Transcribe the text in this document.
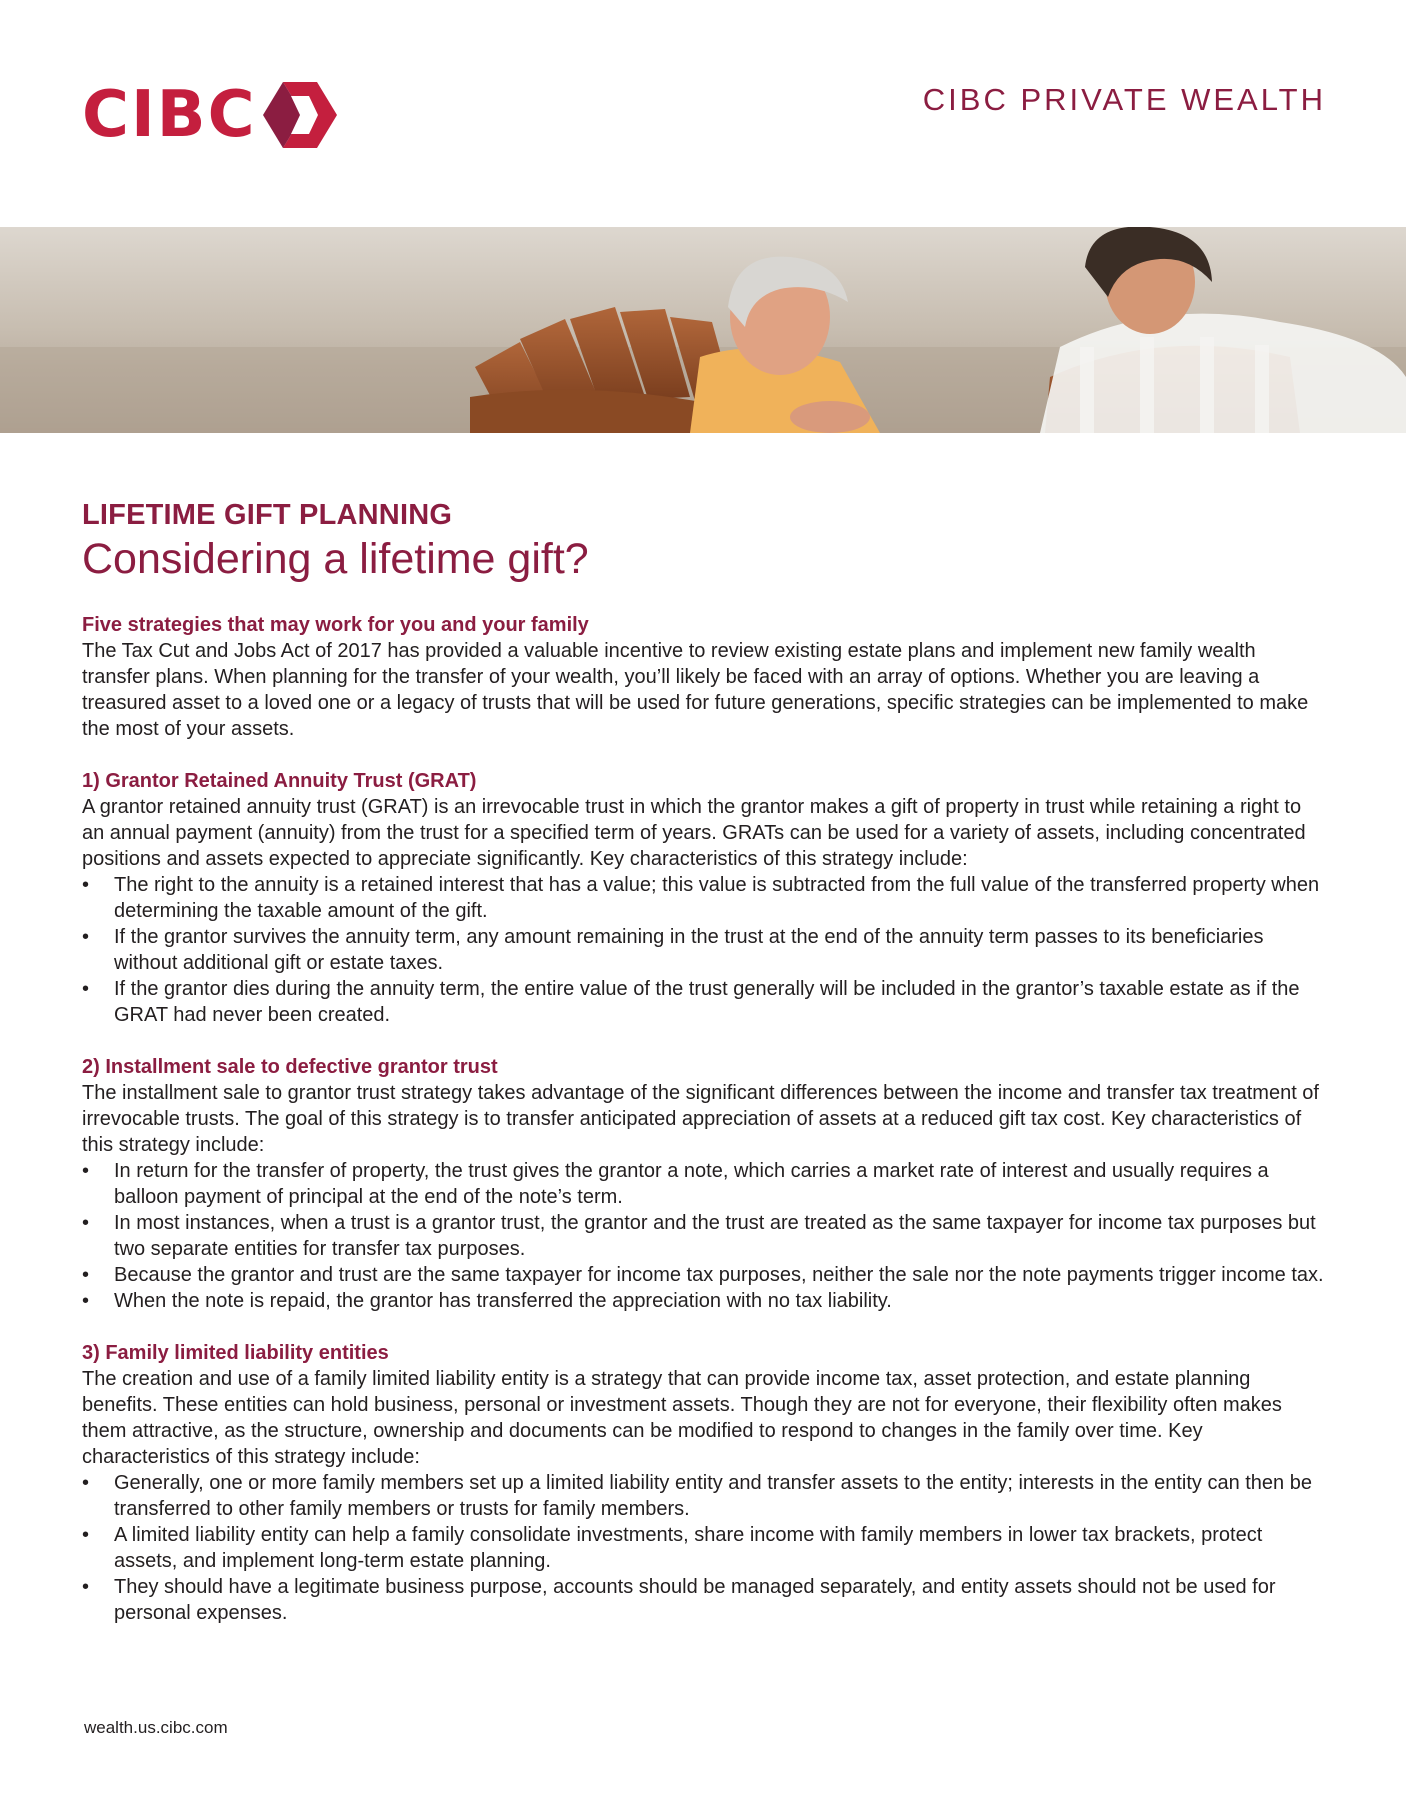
CIBC	CIBC PRIVATE WEALTH
LIFETIME GIFT PLANNING
Considering a lifetime gift?
Five strategies that may work for you and your family

The Tax Cut and Jobs Act of 2017 has provided a valuable incentive to review existing estate plans and implement new family wealth transfer plans. When planning for the transfer of your wealth, you’ll likely be faced with an array of options. Whether you are leaving a treasured asset to a loved one or a legacy of trusts that will be used for future generations, specific strategies can be implemented to make the most of your assets.

1) Grantor Retained Annuity Trust (GRAT)

A grantor retained annuity trust (GRAT) is an irrevocable trust in which the grantor makes a gift of property in trust while retaining a right to an annual payment (annuity) from the trust for a specified term of years. GRATs can be used for a variety of assets, including concentrated positions and assets expected to appreciate significantly. Key characteristics of this strategy include:

• The right to the annuity is a retained interest that has a value; this value is subtracted from the full value of the transferred property when determining the taxable amount of the gift.
• If the grantor survives the annuity term, any amount remaining in the trust at the end of the annuity term passes to its beneficiaries without additional gift or estate taxes.
• If the grantor dies during the annuity term, the entire value of the trust generally will be included in the grantor’s taxable estate as if the GRAT had never been created.
2) Installment sale to defective grantor trust

The installment sale to grantor trust strategy takes advantage of the significant differences between the income and transfer tax treatment of irrevocable trusts. The goal of this strategy is to transfer anticipated appreciation of assets at a reduced gift tax cost. Key characteristics of this strategy include:

• In return for the transfer of property, the trust gives the grantor a note, which carries a market rate of interest and usually requires a balloon payment of principal at the end of the note’s term.
• In most instances, when a trust is a grantor trust, the grantor and the trust are treated as the same taxpayer for income tax purposes but two separate entities for transfer tax purposes.
• Because the grantor and trust are the same taxpayer for income tax purposes, neither the sale nor the note payments trigger income tax.
• When the note is repaid, the grantor has transferred the appreciation with no tax liability.
3) Family limited liability entities

The creation and use of a family limited liability entity is a strategy that can provide income tax, asset protection, and estate planning benefits. These entities can hold business, personal or investment assets. Though they are not for everyone, their flexibility often makes them attractive, as the structure, ownership and documents can be modified to respond to changes in the family over time. Key characteristics of this strategy include:

• Generally, one or more family members set up a limited liability entity and transfer assets to the entity; interests in the entity can then be transferred to other family members or trusts for family members.
• A limited liability entity can help a family consolidate investments, share income with family members in lower tax brackets, protect assets, and implement long-term estate planning.
• They should have a legitimate business purpose, accounts should be managed separately, and entity assets should not be used for personal expenses.
wealth.us.cibc.com
